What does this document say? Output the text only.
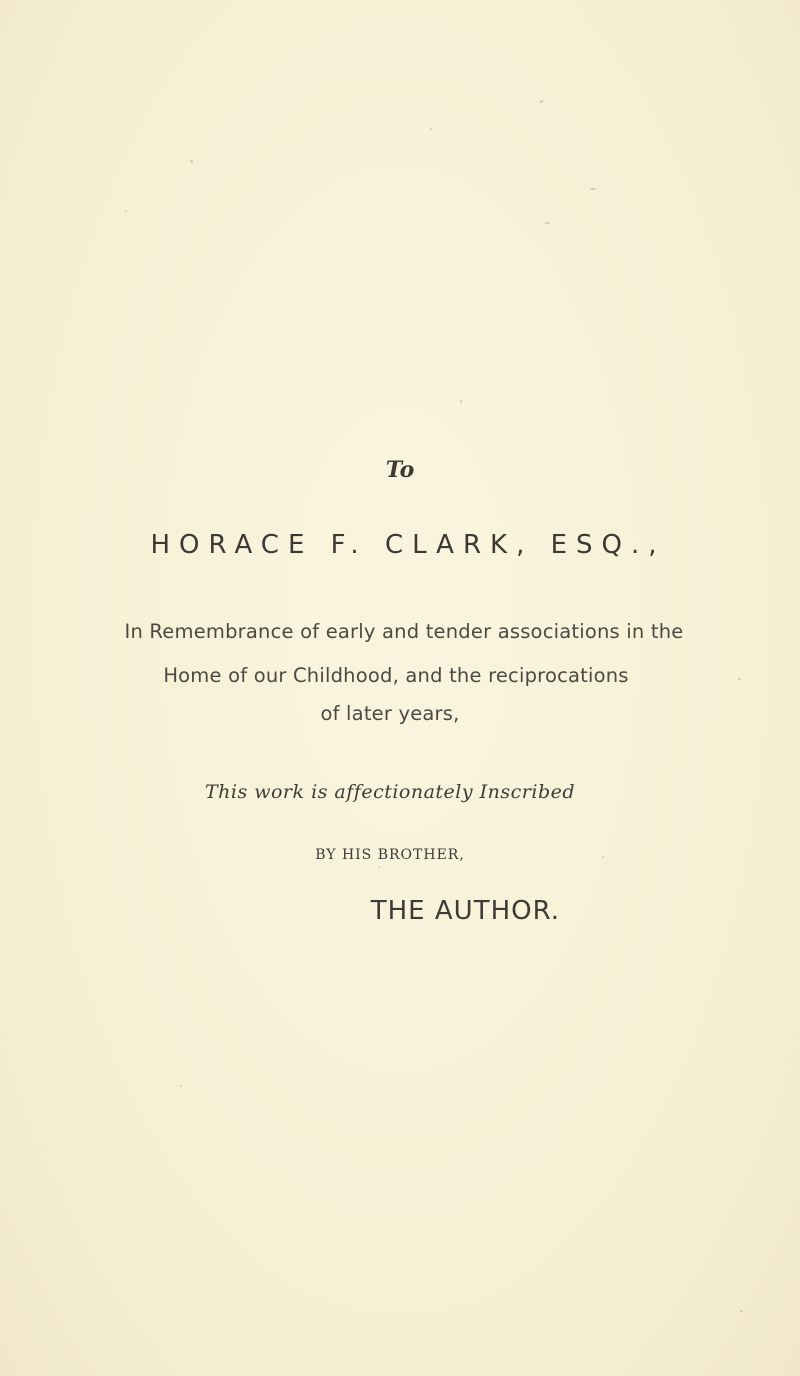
To
HORACE F. CLARK, ESQ.,
In Remembrance of early and tender associations in the
Home of our Childhood, and the reciprocations
of later years,
This work is affectionately Inscribed
BY HIS BROTHER,
THE AUTHOR.
